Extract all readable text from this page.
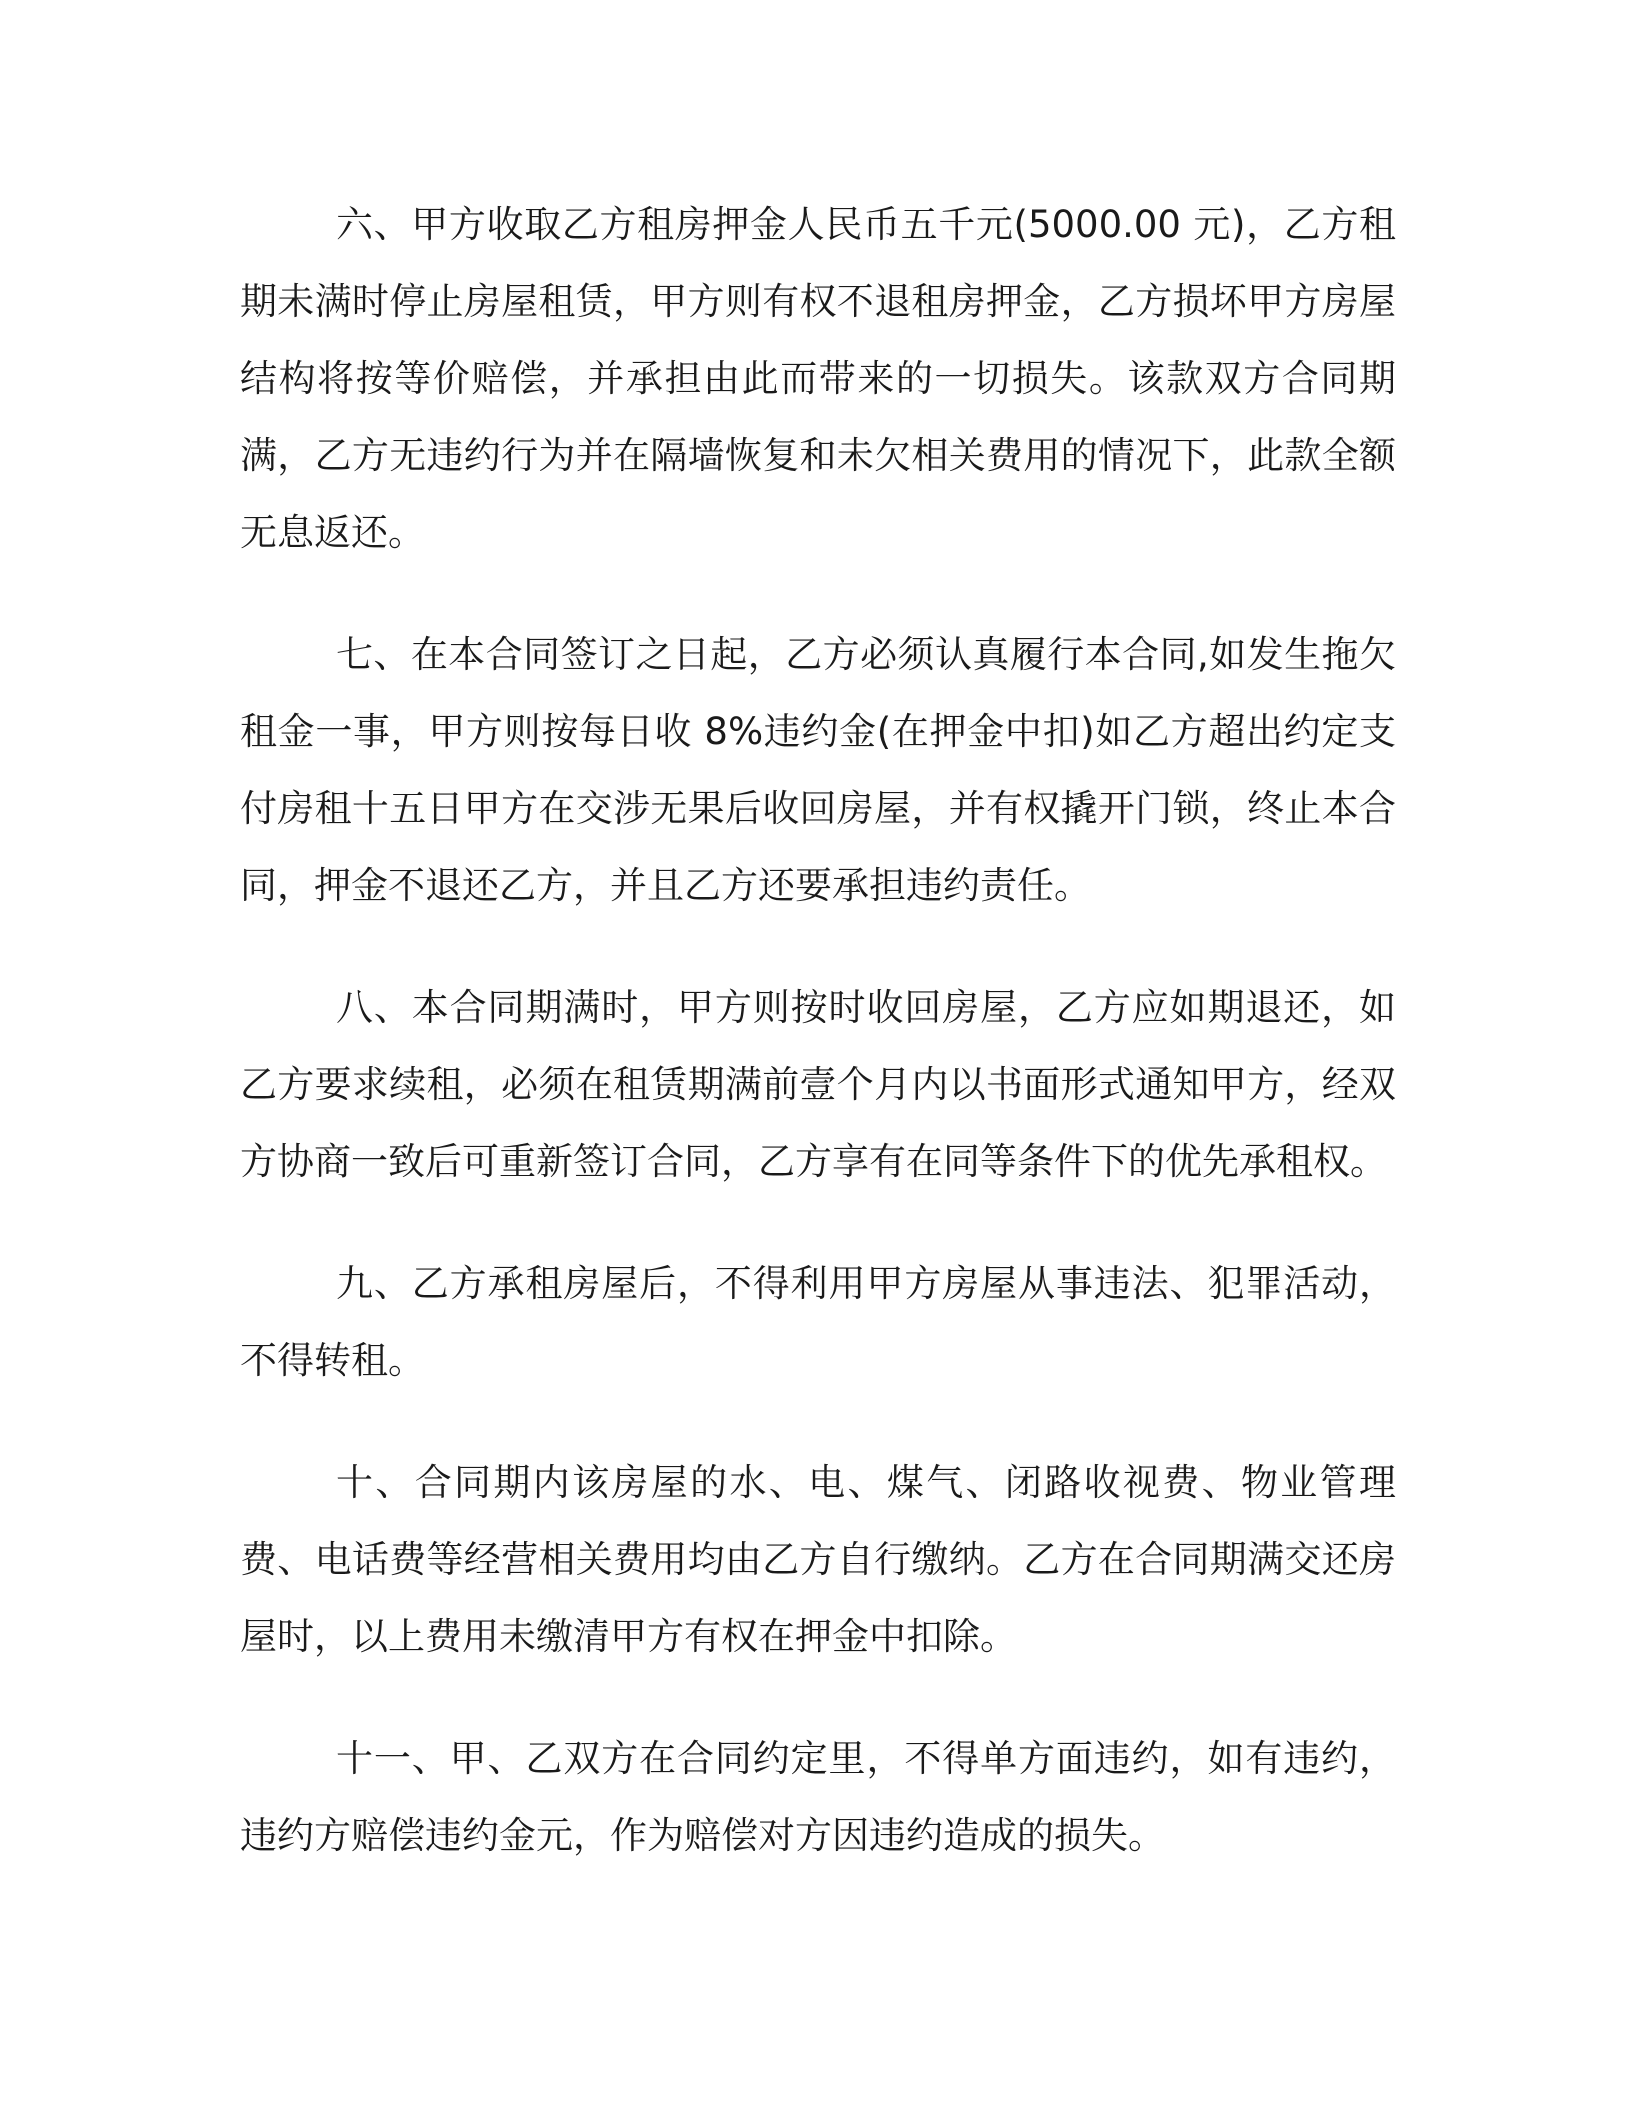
六、甲方收取乙方租房押金人民币五千元(5000.00 元)，乙方租期未满时停止房屋租赁，甲方则有权不退租房押金，乙方损坏甲方房屋结构将按等价赔偿，并承担由此而带来的一切损失。该款双方合同期满，乙方无违约行为并在隔墙恢复和未欠相关费用的情况下，此款全额无息返还。

七、在本合同签订之日起，乙方必须认真履行本合同,如发生拖欠租金一事，甲方则按每日收 8%违约金(在押金中扣)如乙方超出约定支付房租十五日甲方在交涉无果后收回房屋，并有权撬开门锁，终止本合同，押金不退还乙方，并且乙方还要承担违约责任。

八、本合同期满时，甲方则按时收回房屋，乙方应如期退还，如乙方要求续租，必须在租赁期满前壹个月内以书面形式通知甲方，经双方协商一致后可重新签订合同，乙方享有在同等条件下的优先承租权。

九、乙方承租房屋后，不得利用甲方房屋从事违法、犯罪活动，不得转租。

十、合同期内该房屋的水、电、煤气、闭路收视费、物业管理费、电话费等经营相关费用均由乙方自行缴纳。乙方在合同期满交还房屋时，以上费用未缴清甲方有权在押金中扣除。

十一、甲、乙双方在合同约定里，不得单方面违约，如有违约，违约方赔偿违约金元，作为赔偿对方因违约造成的损失。
